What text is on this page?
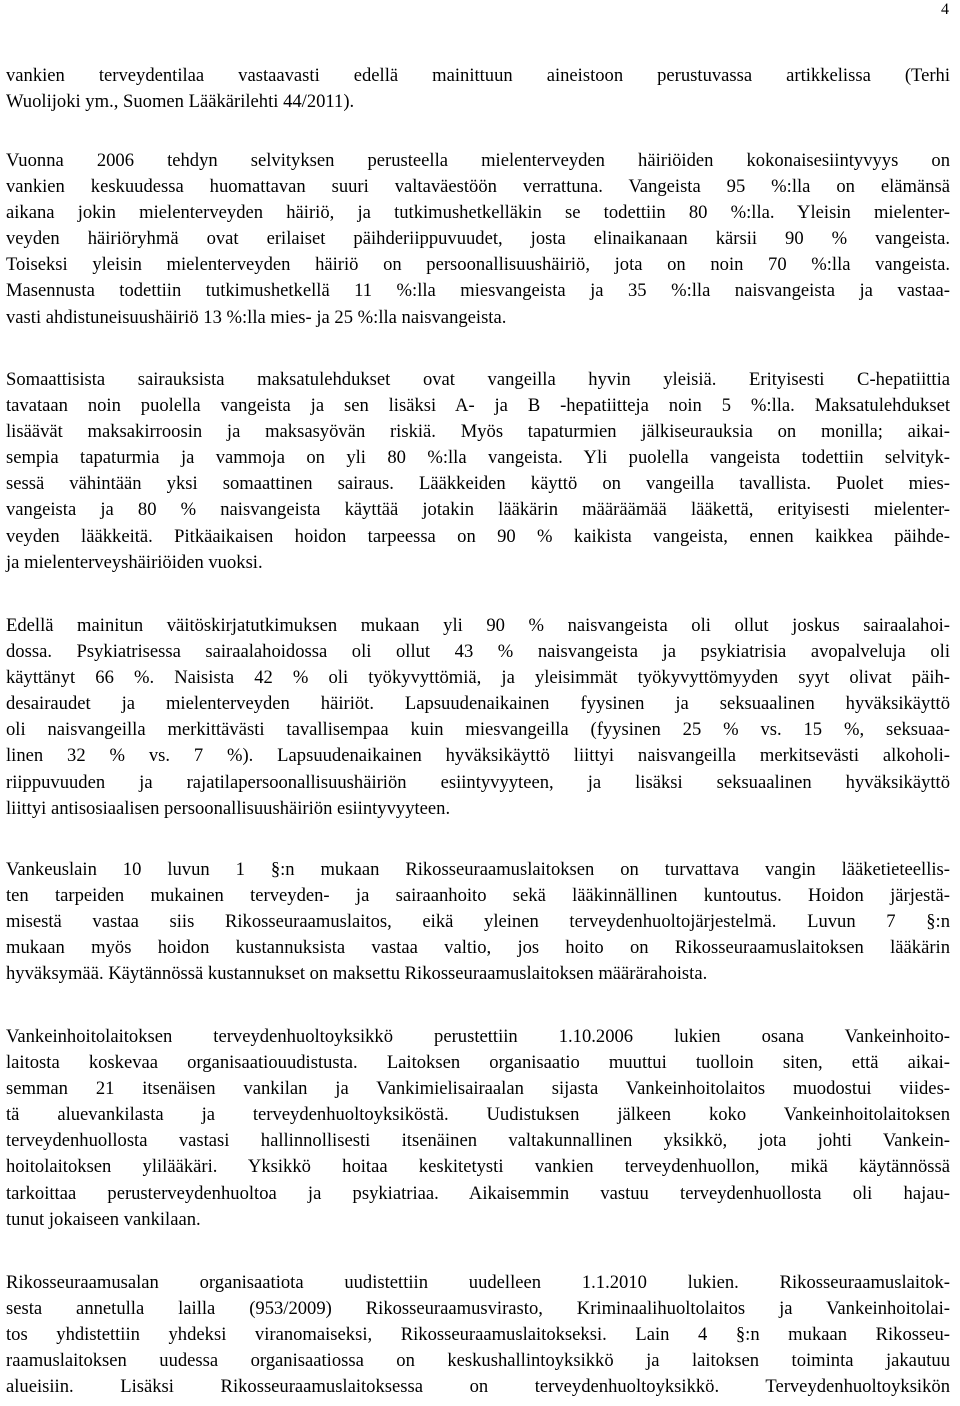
4
vankien terveydentilaa vastaavasti edellä mainittuun aineistoon perustuvassa artikkelissa (Terhi
Wuolijoki ym., Suomen Lääkärilehti 44/2011).
Vuonna 2006 tehdyn selvityksen perusteella mielenterveyden häiriöiden kokonaisesiintyvyys on
vankien keskuudessa huomattavan suuri valtaväestöön verrattuna. Vangeista 95 %:lla on elämänsä
aikana jokin mielenterveyden häiriö, ja tutkimushetkelläkin se todettiin 80 %:lla. Yleisin mielenter-
veyden häiriöryhmä ovat erilaiset päihderiippuvuudet, josta elinaikanaan kärsii 90 % vangeista.
Toiseksi yleisin mielenterveyden häiriö on persoonallisuushäiriö, jota on noin 70 %:lla vangeista.
Masennusta todettiin tutkimushetkellä 11 %:lla miesvangeista ja 35 %:lla naisvangeista ja vastaa-
vasti ahdistuneisuushäiriö 13 %:lla mies- ja 25 %:lla naisvangeista.
Somaattisista sairauksista maksatulehdukset ovat vangeilla hyvin yleisiä. Erityisesti C-hepatiittia
tavataan noin puolella vangeista ja sen lisäksi A- ja B -hepatiitteja noin 5 %:lla. Maksatulehdukset
lisäävät maksakirroosin ja maksasyövän riskiä. Myös tapaturmien jälkiseurauksia on monilla; aikai-
sempia tapaturmia ja vammoja on yli 80 %:lla vangeista. Yli puolella vangeista todettiin selvityk-
sessä vähintään yksi somaattinen sairaus. Lääkkeiden käyttö on vangeilla tavallista. Puolet mies-
vangeista ja 80 % naisvangeista käyttää jotakin lääkärin määräämää lääkettä, erityisesti mielenter-
veyden lääkkeitä. Pitkäaikaisen hoidon tarpeessa on 90 % kaikista vangeista, ennen kaikkea päihde-
ja mielenterveyshäiriöiden vuoksi.
Edellä mainitun väitöskirjatutkimuksen mukaan yli 90 % naisvangeista oli ollut joskus sairaalahoi-
dossa. Psykiatrisessa sairaalahoidossa oli ollut 43 % naisvangeista ja psykiatrisia avopalveluja oli
käyttänyt 66 %. Naisista 42 % oli työkyvyttömiä, ja yleisimmät työkyvyttömyyden syyt olivat päih-
desairaudet ja mielenterveyden häiriöt. Lapsuudenaikainen fyysinen ja seksuaalinen hyväksikäyttö
oli naisvangeilla merkittävästi tavallisempaa kuin miesvangeilla (fyysinen 25 % vs. 15 %, seksuaa-
linen 32 % vs. 7 %). Lapsuudenaikainen hyväksikäyttö liittyi naisvangeilla merkitsevästi alkoholi-
riippuvuuden ja rajatilapersoonallisuushäiriön esiintyvyyteen, ja lisäksi seksuaalinen hyväksikäyttö
liittyi antisosiaalisen persoonallisuushäiriön esiintyvyyteen.
Vankeuslain 10 luvun 1 §:n mukaan Rikosseuraamuslaitoksen on turvattava vangin lääketieteellis-
ten tarpeiden mukainen terveyden- ja sairaanhoito sekä lääkinnällinen kuntoutus. Hoidon järjestä-
misestä vastaa siis Rikosseuraamuslaitos, eikä yleinen terveydenhuoltojärjestelmä. Luvun 7 §:n
mukaan myös hoidon kustannuksista vastaa valtio, jos hoito on Rikosseuraamuslaitoksen lääkärin
hyväksymää. Käytännössä kustannukset on maksettu Rikosseuraamuslaitoksen määrärahoista.
Vankeinhoitolaitoksen terveydenhuoltoyksikkö perustettiin 1.10.2006 lukien osana Vankeinhoito-
laitosta koskevaa organisaatiouudistusta. Laitoksen organisaatio muuttui tuolloin siten, että aikai-
semman 21 itsenäisen vankilan ja Vankimielisairaalan sijasta Vankeinhoitolaitos muodostui viides-
tä aluevankilasta ja terveydenhuoltoyksiköstä. Uudistuksen jälkeen koko Vankeinhoitolaitoksen
terveydenhuollosta vastasi hallinnollisesti itsenäinen valtakunnallinen yksikkö, jota johti Vankein-
hoitolaitoksen ylilääkäri. Yksikkö hoitaa keskitetysti vankien terveydenhuollon, mikä käytännössä
tarkoittaa perusterveydenhuoltoa ja psykiatriaa. Aikaisemmin vastuu terveydenhuollosta oli hajau-
tunut jokaiseen vankilaan.
Rikosseuraamusalan organisaatiota uudistettiin uudelleen 1.1.2010 lukien. Rikosseuraamuslaitok-
sesta annetulla lailla (953/2009) Rikosseuraamusvirasto, Kriminaalihuoltolaitos ja Vankeinhoitolai-
tos yhdistettiin yhdeksi viranomaiseksi, Rikosseuraamuslaitokseksi. Lain 4 §:n mukaan Rikosseu-
raamuslaitoksen uudessa organisaatiossa on keskushallintoyksikkö ja laitoksen toiminta jakautuu
alueisiin. Lisäksi Rikosseuraamuslaitoksessa on terveydenhuoltoyksikkö. Terveydenhuoltoyksikön
